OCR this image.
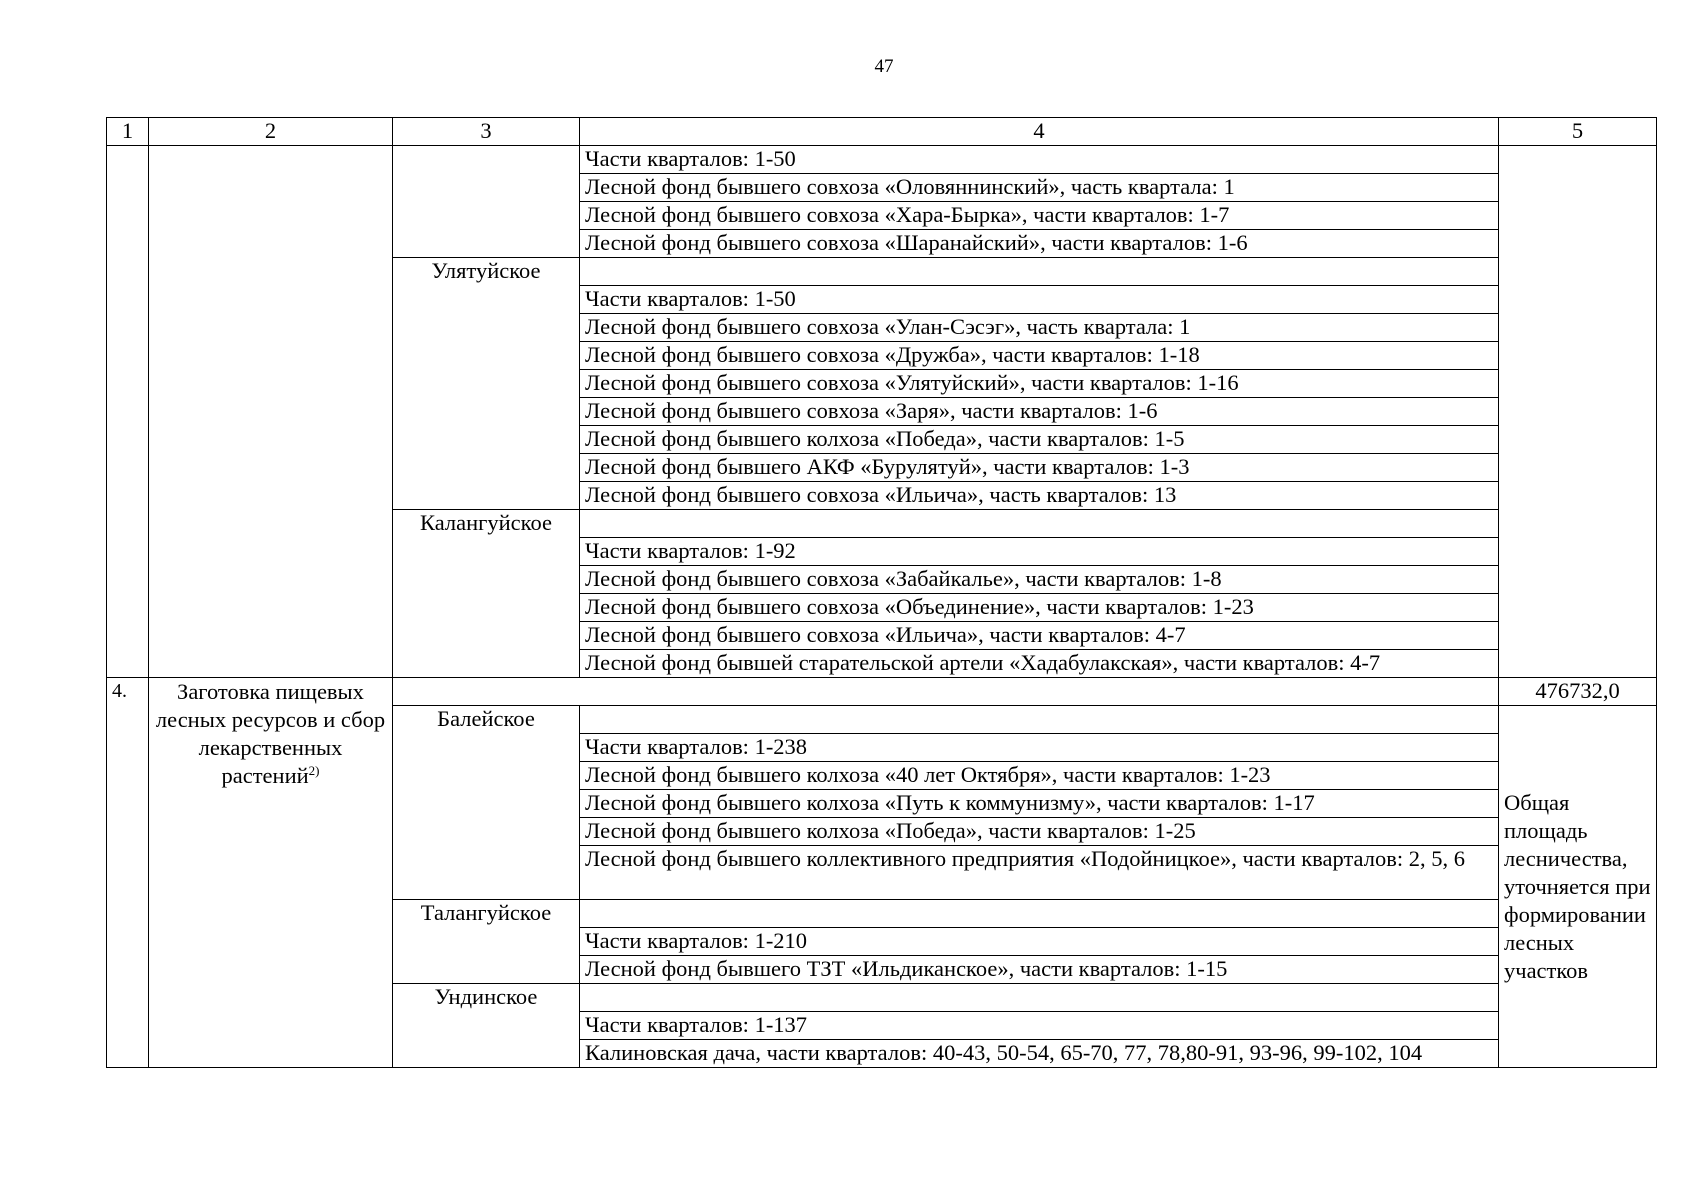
47
1	2	3	4	5
			Части кварталов: 1-50	
			Лесной фонд бывшего совхоза «Оловяннинский», часть квартала: 1	
			Лесной фонд бывшего совхоза «Хара-Бырка», части кварталов: 1-7	
			Лесной фонд бывшего совхоза «Шаранайский», части кварталов: 1-6	
		Улятуйское		
			Части кварталов: 1-50	
			Лесной фонд бывшего совхоза «Улан-Сэсэг», часть квартала: 1	
			Лесной фонд бывшего совхоза «Дружба», части кварталов: 1-18	
			Лесной фонд бывшего совхоза «Улятуйский», части кварталов: 1-16	
			Лесной фонд бывшего совхоза «Заря», части кварталов: 1-6	
			Лесной фонд бывшего колхоза «Победа», части кварталов: 1-5	
			Лесной фонд бывшего АКФ «Бурулятуй», части кварталов: 1-3	
			Лесной фонд бывшего совхоза «Ильича», часть кварталов: 13	
		Калангуйское		
			Части кварталов: 1-92	
			Лесной фонд бывшего совхоза «Забайкалье», части кварталов: 1-8	
			Лесной фонд бывшего совхоза «Объединение», части кварталов: 1-23	
			Лесной фонд бывшего совхоза «Ильича», части кварталов: 4-7	
			Лесной фонд бывшей старательской артели «Хадабулакская», части кварталов: 4-7	
4.	Заготовка пищевых лесных ресурсов и сбор лекарственных растений$^{2)}$			476732,0
		Балейское		Общая площадь лесничества, уточняется при формировании лесных участков
			Части кварталов: 1-238	
			Лесной фонд бывшего колхоза «40 лет Октября», части кварталов: 1-23	
			Лесной фонд бывшего колхоза «Путь к коммунизму», части кварталов: 1-17	
			Лесной фонд бывшего колхоза «Победа», части кварталов: 1-25	
			Лесной фонд бывшего коллективного предприятия «Подойницкое», части кварталов: 2, 5, 6	
		Талангуйское		
			Части кварталов: 1-210	
			Лесной фонд бывшего ТЗТ «Ильдиканское», части кварталов: 1-15	
		Ундинское		
			Части кварталов: 1-137	
			Калиновская дача, части кварталов: 40-43, 50-54, 65-70, 77, 78,80-91, 93-96, 99-102, 104	
